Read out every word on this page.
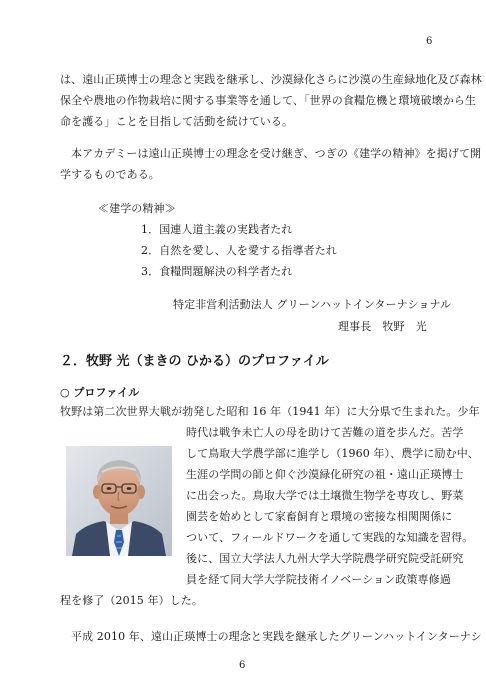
6
は、遠山正瑛博士の理念と実践を継承し、沙漠緑化さらに沙漠の生産緑地化及び森林
保全や農地の作物栽培に関する事業等を通して、「世界の食糧危機と環境破壊から生
命を護る」ことを目指して活動を続けている。
本アカデミーは遠山正瑛博士の理念を受け継ぎ、つぎの《建学の精神》を掲げて開
学するものである。
≪建学の精神≫
1．国連人道主義の実践者たれ
2．自然を愛し、人を愛する指導者たれ
3．食糧問題解決の科学者たれ
特定非営利活動法人 グリーンハットインターナショナル
理事長　牧野　光
２．牧野 光（まきの ひかる）のプロファイル
○ プロファイル
牧野は第二次世界大戦が勃発した昭和 16 年（1941 年）に大分県で生まれた。少年
時代は戦争未亡人の母を助けて苦難の道を歩んだ。苦学
して鳥取大学農学部に進学し（1960 年）、農学に励む中、
生涯の学問の師と仰ぐ沙漠緑化研究の祖・遠山正瑛博士
に出会った。鳥取大学では土壌微生物学を専攻し、野菜
園芸を始めとして家畜飼育と環境の密接な相関関係に
ついて、フィールドワークを通して実践的な知識を習得。
後に、国立大学法人九州大学大学院農学研究院受託研究
員を経て同大学大学院技術イノベーション政策専修過
程を修了（2015 年）した。
平成 2010 年、遠山正瑛博士の理念と実践を継承したグリーンハットインターナシ
6
